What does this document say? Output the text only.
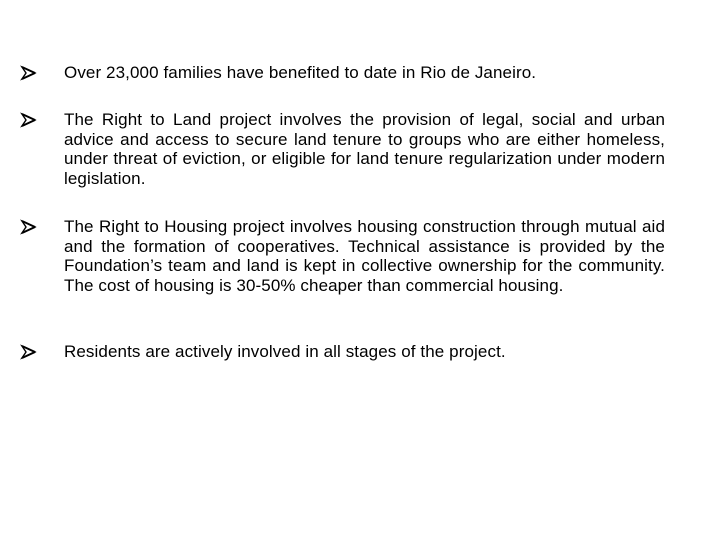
Over 23,000 families have benefited to date in Rio de Janeiro.
The Right to Land project involves the provision of legal, social and urban advice and access to secure land tenure to groups who are either homeless, under threat of eviction, or eligible for land tenure regularization under modern legislation.
The Right to Housing project involves housing construction through mutual aid and the formation of cooperatives. Technical assistance is provided by the Foundation’s team and land is kept in collective ownership for the community. The cost of housing is 30-50% cheaper than commercial housing.
Residents are actively involved in all stages of the project.
